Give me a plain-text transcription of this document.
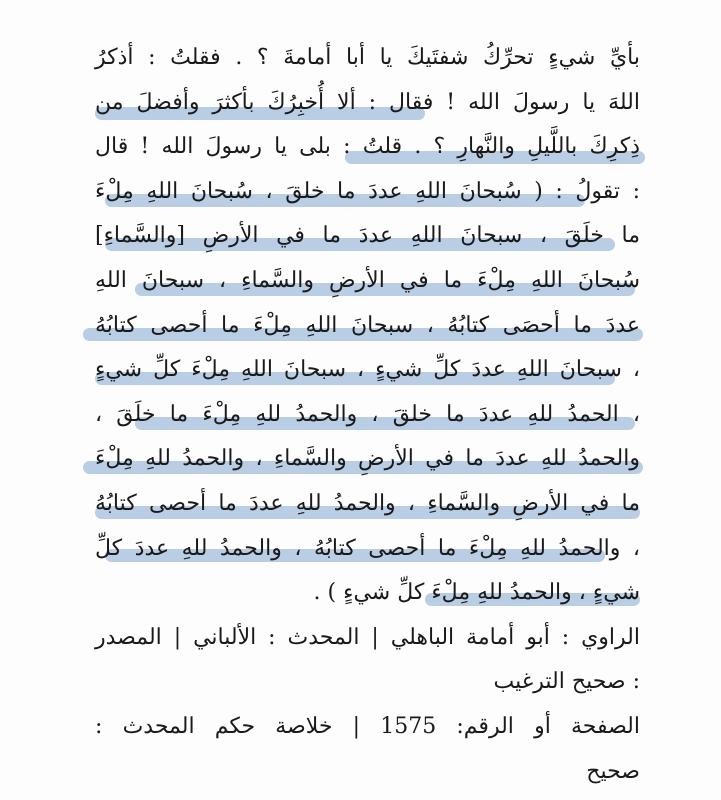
بأيِّ شيءٍ تحرِّكُ شفتَيكَ يا أبا أمامةَ ؟ . فقلتُ : أذكرُ
اللهَ يا رسولَ الله ! فقال : ألا أُخبِرُكَ بأكثرَ وأفضلَ من
ذِكرِكَ باللَّيلِ والنَّهارِ ؟ . قلتُ : بلى يا رسولَ الله ! قال
: تقولُ : ( سُبحانَ اللهِ عددَ ما خلقَ ، سُبحانَ اللهِ مِلْءَ
ما خلَقَ ، سبحانَ اللهِ عددَ ما في الأرضِ [والسَّماءِ]
سُبحانَ اللهِ مِلْءَ ما في الأرضِ والسَّماءِ ، سبحانَ اللهِ
عددَ ما أحصَى كتابُهُ ، سبحانَ اللهِ مِلْءَ ما أحصى كتابُهُ
، سبحانَ اللهِ عددَ كلِّ شيءٍ ، سبحانَ اللهِ مِلْءَ كلِّ شيءٍ
، الحمدُ للهِ عددَ ما خلقَ ، والحمدُ للهِ مِلْءَ ما خلَقَ ،
والحمدُ للهِ عددَ ما في الأرضِ والسَّماءِ ، والحمدُ للهِ مِلْءَ
ما في الأرضِ والسَّماءِ ، والحمدُ للهِ عددَ ما أحصى كتابُهُ
، والحمدُ للهِ مِلْءَ ما أحصى كتابُهُ ، والحمدُ للهِ عددَ كلِّ
شيءٍ ، والحمدُ للهِ مِلْءَ كلِّ شيءٍ ) .
الراوي : أبو أمامة الباهلي | المحدث : الألباني | المصدر
: صحيح الترغيب
الصفحة أو الرقم: 1575 | خلاصة حكم المحدث :
صحيح
